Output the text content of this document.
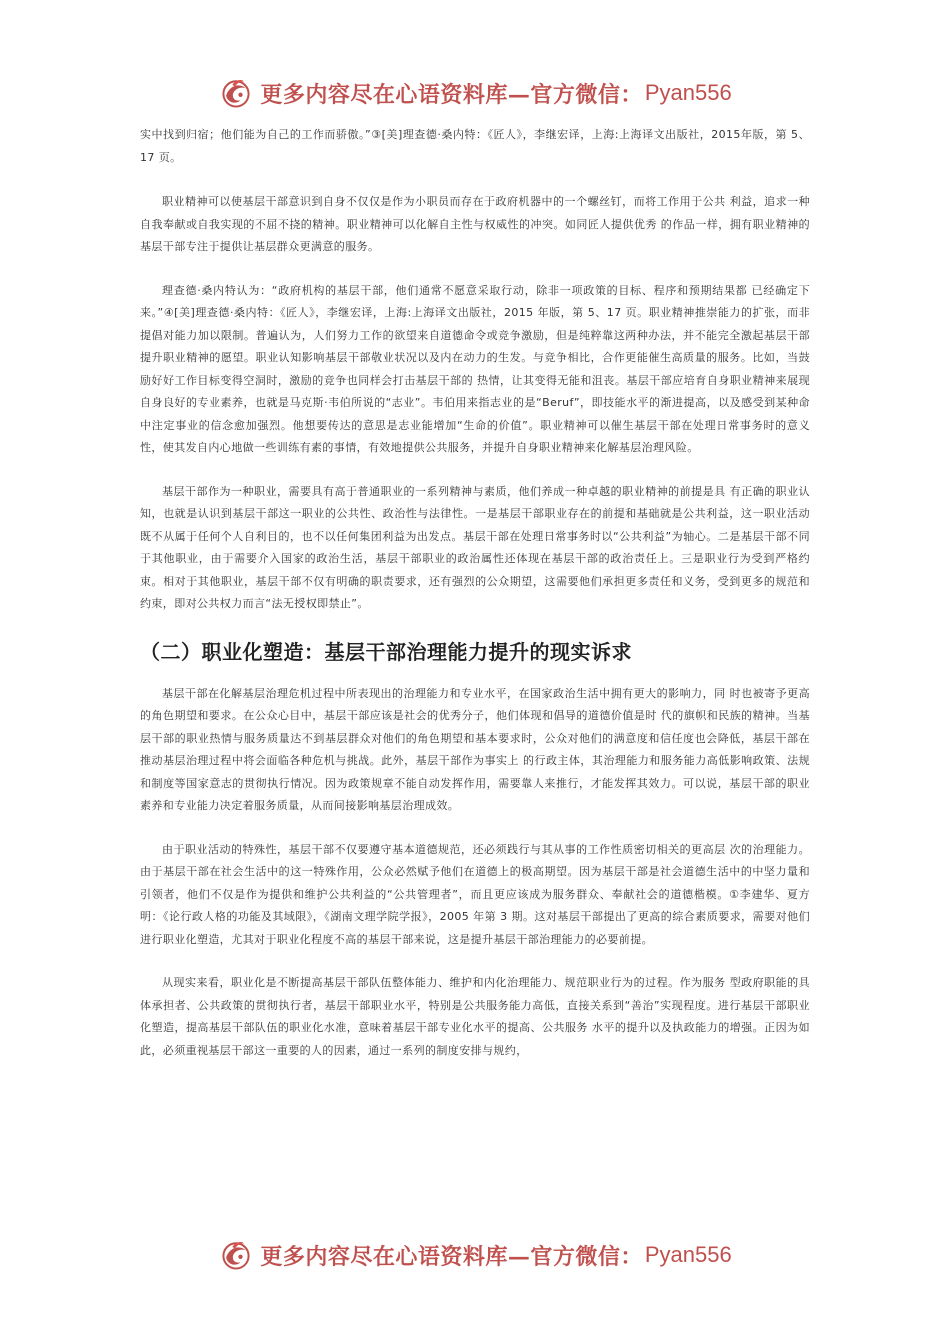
更多内容尽在心语资料库—官方微信： Pyan556

实中找到归宿；他们能为自己的工作而骄傲。”③[美]理查德·桑内特：《匠人》，李继宏译，上海:上海译文出版社，2015年版，第 5、17 页。

职业精神可以使基层干部意识到自身不仅仅是作为小职员而存在于政府机器中的一个螺丝钉，而将工作用于公共 利益，追求一种自我奉献或自我实现的不屈不挠的精神。职业精神可以化解自主性与权威性的冲突。如同匠人提供优秀 的作品一样，拥有职业精神的基层干部专注于提供让基层群众更满意的服务。

理查德·桑内特认为：“政府机构的基层干部，他们通常不愿意采取行动，除非一项政策的目标、程序和预期结果都 已经确定下来。”④[美]理查德·桑内特：《匠人》，李继宏译，上海:上海译文出版社，2015 年版，第 5、17 页。职业精神推崇能力的扩张，而非提倡对能力加以限制。普遍认为，人们努力工作的欲望来自道德命令或竞争激励，但是纯粹靠这两种办法，并不能完全激起基层干部提升职业精神的愿望。职业认知影响基层干部敬业状况以及内在动力的生发。与竞争相比，合作更能催生高质量的服务。比如，当鼓励好好工作目标变得空洞时，激励的竞争也同样会打击基层干部的 热情，让其变得无能和沮丧。基层干部应培育自身职业精神来展现自身良好的专业素养，也就是马克斯·韦伯所说的“志业”。韦伯用来指志业的是“Beruf”，即技能水平的渐进提高，以及感受到某种命中注定事业的信念愈加强烈。他想要传达的意思是志业能增加“生命的价值”。职业精神可以催生基层干部在处理日常事务时的意义性，使其发自内心地做一些训练有素的事情，有效地提供公共服务，并提升自身职业精神来化解基层治理风险。

基层干部作为一种职业，需要具有高于普通职业的一系列精神与素质，他们养成一种卓越的职业精神的前提是具 有正确的职业认知，也就是认识到基层干部这一职业的公共性、政治性与法律性。一是基层干部职业存在的前提和基础就是公共利益，这一职业活动既不从属于任何个人自利目的，也不以任何集团利益为出发点。基层干部在处理日常事务时以“公共利益”为轴心。二是基层干部不同于其他职业，由于需要介入国家的政治生活，基层干部职业的政治属性还体现在基层干部的政治责任上。三是职业行为受到严格约束。相对于其他职业，基层干部不仅有明确的职责要求，还有强烈的公众期望，这需要他们承担更多责任和义务，受到更多的规范和约束，即对公共权力而言“法无授权即禁止”。

（二）职业化塑造：基层干部治理能力提升的现实诉求

基层干部在化解基层治理危机过程中所表现出的治理能力和专业水平，在国家政治生活中拥有更大的影响力，同 时也被寄予更高的角色期望和要求。在公众心目中，基层干部应该是社会的优秀分子，他们体现和倡导的道德价值是时 代的旗帜和民族的精神。当基层干部的职业热情与服务质量达不到基层群众对他们的角色期望和基本要求时，公众对他们的满意度和信任度也会降低，基层干部在推动基层治理过程中将会面临各种危机与挑战。此外，基层干部作为事实上 的行政主体，其治理能力和服务能力高低影响政策、法规和制度等国家意志的贯彻执行情况。因为政策规章不能自动发挥作用，需要靠人来推行，才能发挥其效力。可以说，基层干部的职业素养和专业能力决定着服务质量，从而间接影响基层治理成效。

由于职业活动的特殊性，基层干部不仅要遵守基本道德规范，还必须践行与其从事的工作性质密切相关的更高层 次的治理能力。由于基层干部在社会生活中的这一特殊作用，公众必然赋予他们在道德上的极高期望。因为基层干部是社会道德生活中的中坚力量和引领者，他们不仅是作为提供和维护公共利益的“公共管理者”，而且更应该成为服务群众、奉献社会的道德楷模。①李建华、夏方明：《论行政人格的功能及其域限》，《湖南文理学院学报》，2005 年第 3 期。这对基层干部提出了更高的综合素质要求，需要对他们进行职业化塑造，尤其对于职业化程度不高的基层干部来说，这是提升基层干部治理能力的必要前提。

从现实来看，职业化是不断提高基层干部队伍整体能力、维护和内化治理能力、规范职业行为的过程。作为服务 型政府职能的具体承担者、公共政策的贯彻执行者，基层干部职业水平，特别是公共服务能力高低，直接关系到“善治”实现程度。进行基层干部职业化塑造，提高基层干部队伍的职业化水准，意味着基层干部专业化水平的提高、公共服务 水平的提升以及执政能力的增强。正因为如此，必须重视基层干部这一重要的人的因素，通过一系列的制度安排与规约，

更多内容尽在心语资料库—官方微信： Pyan556
